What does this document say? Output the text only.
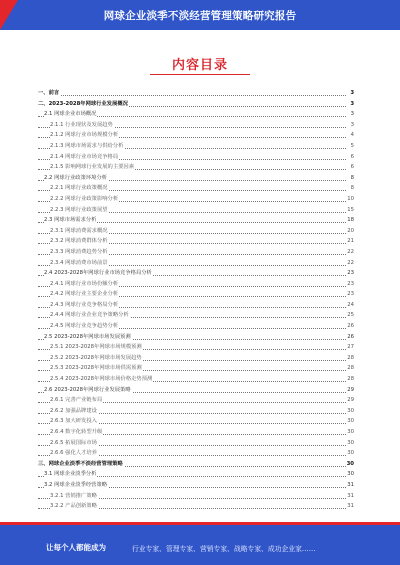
网球企业淡季不淡经营管理策略研究报告
内容目录
一、前言	3
二、2023-2028年网球行业发展概况	3
2.1 网球企业市场概况	3
2.1.1 行业现状及发展趋势	3
2.1.2 网球行业市场规模分析	4
2.1.3 网球市场需求与供给分析	5
2.1.4 网球行业市场竞争格局	6
2.1.5 影响网球行业发展的主要因素	6
2.2 网球行业政策环境分析	8
2.2.1 网球行业政策概况	8
2.2.2 网球行业政策影响分析	10
2.2.3 网球行业政策展望	15
2.3 网球市场需求分析	18
2.3.1 网球消费需求概况	20
2.3.2 网球消费群体分析	21
2.3.3 网球消费趋势分析	22
2.3.4 网球消费市场前景	22
2.4 2023-2028年网球行业市场竞争格局分析	23
2.4.1 网球行业市场份额分析	23
2.4.2 网球行业主要企业分析	23
2.4.3 网球行业竞争格局分析	24
2.4.4 网球行业企业竞争策略分析	25
2.4.5 网球行业竞争趋势分析	26
2.5 2023-2028年网球市场发展预测	26
2.5.1 2023-2028年网球市场规模预测	27
2.5.2 2023-2028年网球市场发展趋势	28
2.5.3 2023-2028年网球市场供需预测	28
2.5.4 2023-2028年网球市场价格走势预测	28
2.6 2023-2028年网球行业发展策略	29
2.6.1 完善产业链布局	29
2.6.2 加强品牌建设	30
2.6.3 加大研发投入	30
2.6.4 数字化转型升级	30
2.6.5 拓展国际市场	30
2.6.6 强化人才培养	30
三、网球企业淡季不淡经营管理策略	30
3.1 网球企业淡季分析	30
3.2 网球企业淡季经营策略	31
3.2.1 营销推广策略	31
3.2.2 产品创新策略	31
让每个人都能成为	行业专家、管理专家、营销专家、战略专家、成功企业家……
